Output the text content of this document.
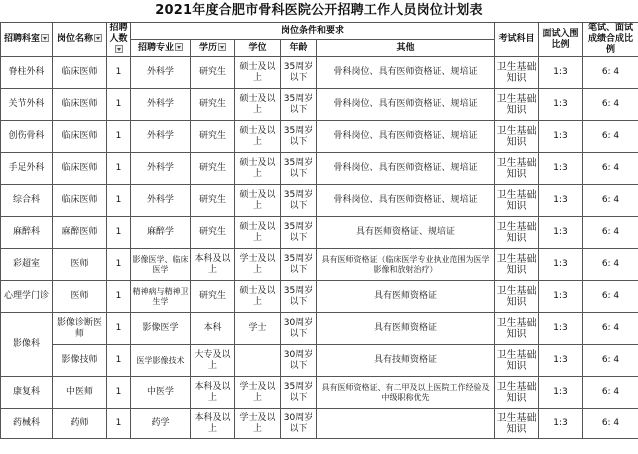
2021年度合肥市骨科医院公开招聘工作人员岗位计划表
招聘科室	岗位名称	招聘人数	岗位条件和要求					考试科目	面试入围比例	笔试、面试成绩合成比例
			招聘专业	学历	学位	年龄	其他			
脊柱外科	临床医师	1	外科学	研究生	硕士及以上	35周岁以下	骨科岗位、具有医师资格证、规培证	卫生基础知识	1:3	6: 4
关节外科	临床医师	1	外科学	研究生	硕士及以上	35周岁以下	骨科岗位、具有医师资格证、规培证	卫生基础知识	1:3	6: 4
创伤骨科	临床医师	1	外科学	研究生	硕士及以上	35周岁以下	骨科岗位、具有医师资格证、规培证	卫生基础知识	1:3	6: 4
手足外科	临床医师	1	外科学	研究生	硕士及以上	35周岁以下	骨科岗位、具有医师资格证、规培证	卫生基础知识	1:3	6: 4
综合科	临床医师	1	外科学	研究生	硕士及以上	35周岁以下	骨科岗位、具有医师资格证、规培证	卫生基础知识	1:3	6: 4
麻醉科	麻醉医师	1	麻醉学	研究生	硕士及以上	35周岁以下	具有医师资格证、规培证	卫生基础知识	1:3	6: 4
彩超室	医师	1	影像医学、临床医学	本科及以上	学士及以上	35周岁以下	具有医师资格证（临床医学专业执业范围为医学影像和放射治疗）	卫生基础知识	1:3	6: 4
心理学门诊	医师	1	精神病与精神卫生学	研究生	硕士及以上	35周岁以下	具有医师资格证	卫生基础知识	1:3	6: 4
影像科	影像诊断医师	1	影像医学	本科	学士	30周岁以下	具有医师资格证	卫生基础知识	1:3	6: 4
	影像技师	1	医学影像技术	大专及以上		30周岁以下	具有技师资格证	卫生基础知识	1:3	6: 4
康复科	中医师	1	中医学	本科及以上	学士及以上	35周岁以下	具有医师资格证、有二甲及以上医院工作经验及中级职称优先	卫生基础知识	1:3	6: 4
药械科	药师	1	药学	本科及以上	学士及以上	30周岁以下		卫生基础知识	1:3	6: 4
